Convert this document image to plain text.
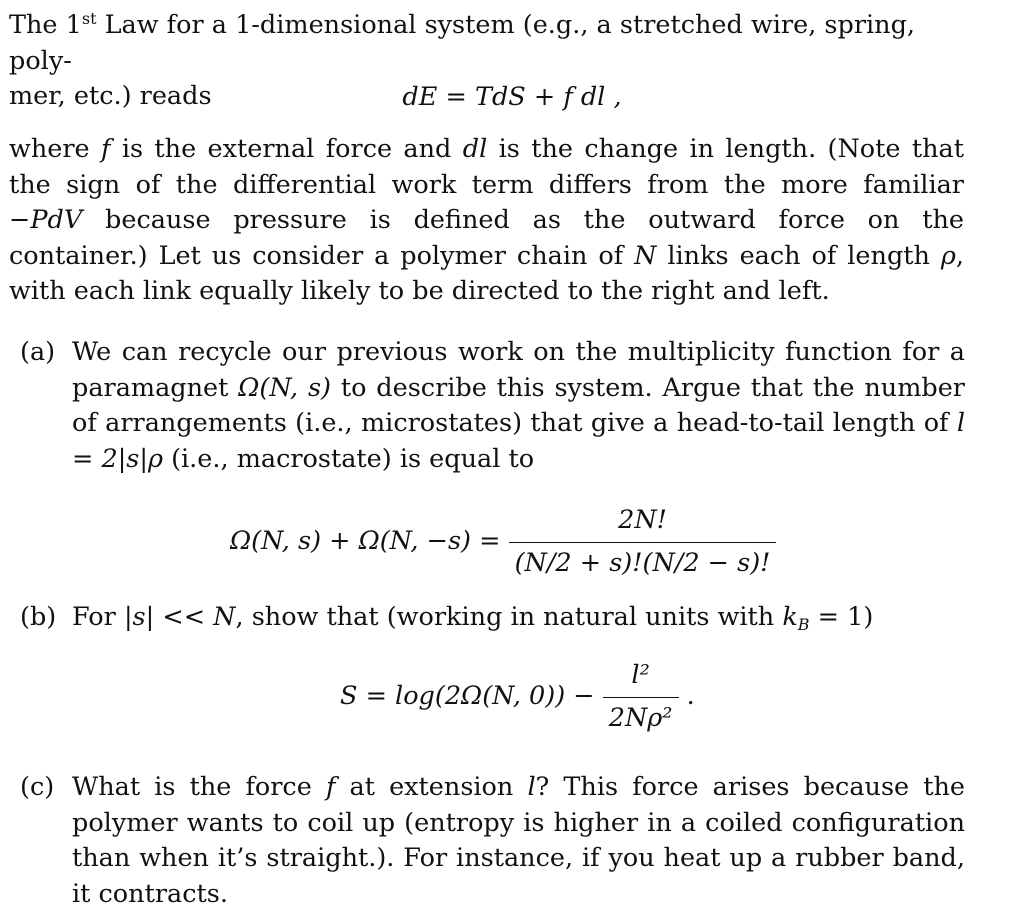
The 1st Law for a 1-dimensional system (e.g., a stretched wire, spring, poly-
mer, etc.) reads	dE = TdS + f dl ,

where f is the external force and dl is the change in length. (Note that the sign of the differential work term differs from the more familiar −PdV because pressure is defined as the outward force on the container.) Let us consider a polymer chain of N links each of length ρ, with each link equally likely to be directed to the right and left.

(a) We can recycle our previous work on the multiplicity function for a paramagnet Ω(N, s) to describe this system. Argue that the number of arrangements (i.e., microstates) that give a head-to-tail length of l = 2|s|ρ (i.e., macrostate) is equal to
Ω(N, s) + Ω(N, $-s) = \frac{2N!}{(N/2 + s)!(N/2 - s)!}$
(b) For |s| << N, show that (working in natural units with $k_B = 1$)
S = log(2Ω(N, $0)) - \frac{\text{l²}}{\text{2Nρ²}}$ .
(c) What is the force f at extension l? This force arises because the polymer wants to coil up (entropy is higher in a coiled configuration than when it’s straight.). For instance, if you heat up a rubber band, it contracts.
